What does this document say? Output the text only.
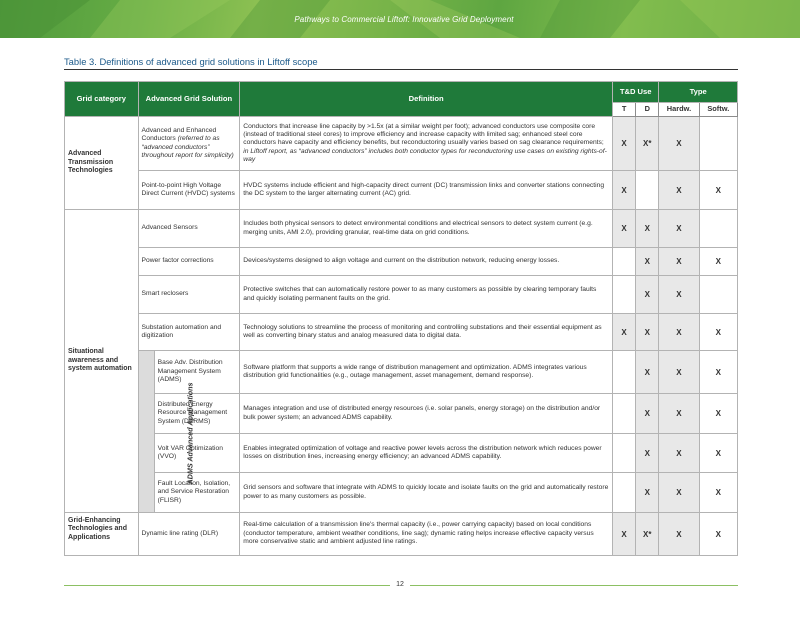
Pathways to Commercial Liftoff: Innovative Grid Deployment
Table 3. Definitions of advanced grid solutions in Liftoff scope
Grid category	Advanced Grid Solution		Definition	T&D Use		Type	
				T	D	Hardw.	Softw.
Advanced Transmission Technologies	Advanced and Enhanced Conductors (referred to as “advanced conductors” throughout report for simplicity)		Conductors that increase line capacity by >1.5x (at a similar weight per foot); advanced conductors use composite core (instead of traditional steel cores) to improve efficiency and increase capacity with limited sag; enhanced steel core conductors have capacity and efficiency benefits, but reconductoring usually varies based on sag clearance requirements; in Liftoff report, as “advanced conductors” includes both conductor types for reconductoring use cases on existing rights-of-way	X	X*	X	
	Point-to-point High Voltage Direct Current (HVDC) systems		HVDC systems include efficient and high-capacity direct current (DC) transmission links and converter stations connecting the DC system to the larger alternating current (AC) grid.	X		X	X
Situational awareness and system automation	Advanced Sensors		Includes both physical sensors to detect environmental conditions and electrical sensors to detect system current (e.g. merging units, AMI 2.0), providing granular, real-time data on grid conditions.	X	X	X	
	Power factor corrections		Devices/systems designed to align voltage and current on the distribution network, reducing energy losses.		X	X	X
	Smart reclosers		Protective switches that can automatically restore power to as many customers as possible by clearing temporary faults and quickly isolating permanent faults on the grid.		X	X	
	Substation automation and digitization		Technology solutions to streamline the process of monitoring and controlling substations and their essential equipment as well as converting binary status and analog measured data to digital data.	X	X	X	X
	ADMS Advanced Applications	Base Adv. Distribution Management System (ADMS)	Software platform that supports a wide range of distribution management and optimization. ADMS integrates various distribution grid functionalities (e.g., outage management, asset management, demand response).		X	X	X
		Distributed Energy Resource Management System (DERMS)	Manages integration and use of distributed energy resources (i.e. solar panels, energy storage) on the distribution and/or bulk power system; an advanced ADMS capability.		X	X	X
		Volt VAR Optimization (VVO)	Enables integrated optimization of voltage and reactive power levels across the distribution network which reduces power losses on distribution lines, increasing energy efficiency; an advanced ADMS capability.		X	X	X
		Fault Location, Isolation, and Service Restoration (FLISR)	Grid sensors and software that integrate with ADMS to quickly locate and isolate faults on the grid and automatically restore power to as many customers as possible.		X	X	X
Grid-Enhancing Technologies and Applications	Dynamic line rating (DLR)		Real-time calculation of a transmission line's thermal capacity (i.e., power carrying capacity) based on local conditions (conductor temperature, ambient weather conditions, line sag); dynamic rating helps increase effective capacity versus more conservative static and ambient adjusted line ratings.	X	X*	X	X
12
